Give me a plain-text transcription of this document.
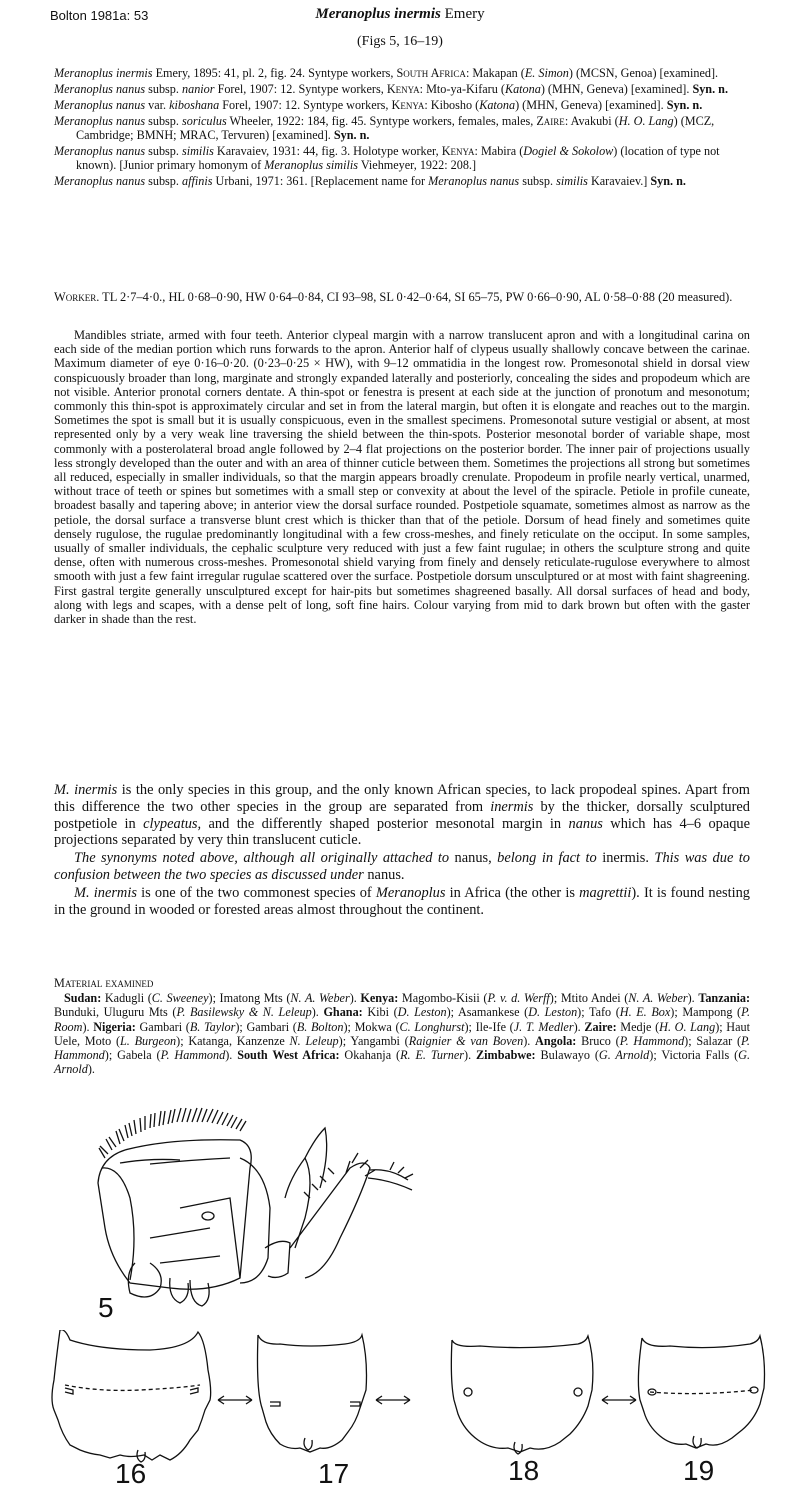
Bolton 1981a: 53	Meranoplus inermis Emery
(Figs 5, 16–19)

Meranoplus inermis Emery, 1895: 41, pl. 2, fig. 24. Syntype workers, South Africa: Makapan (E. Simon) (MCSN, Genoa) [examined].

Meranoplus nanus subsp. nanior Forel, 1907: 12. Syntype workers, Kenya: Mto-ya-Kifaru (Katona) (MHN, Geneva) [examined]. Syn. n.

Meranoplus nanus var. kiboshana Forel, 1907: 12. Syntype workers, Kenya: Kibosho (Katona) (MHN, Geneva) [examined]. Syn. n.

Meranoplus nanus subsp. soriculus Wheeler, 1922: 184, fig. 45. Syntype workers, females, males, Zaire: Avakubi (H. O. Lang) (MCZ, Cambridge; BMNH; MRAC, Tervuren) [examined]. Syn. n.

Meranoplus nanus subsp. similis Karavaiev, 1931: 44, fig. 3. Holotype worker, Kenya: Mabira (Dogiel & Sokolow) (location of type not known). [Junior primary homonym of Meranoplus similis Viehmeyer, 1922: 208.]

Meranoplus nanus subsp. affinis Urbani, 1971: 361. [Replacement name for Meranoplus nanus subsp. similis Karavaiev.] Syn. n.

Worker. TL 2·7–4·0., HL 0·68–0·90, HW 0·64–0·84, CI 93–98, SL 0·42–0·64, SI 65–75, PW 0·66–0·90, AL 0·58–0·88 (20 measured).

Mandibles striate, armed with four teeth. Anterior clypeal margin with a narrow translucent apron and with a longitudinal carina on each side of the median portion which runs forwards to the apron. Anterior half of clypeus usually shallowly concave between the carinae. Maximum diameter of eye 0·16–0·20. (0·23–0·25 × HW), with 9–12 ommatidia in the longest row. Promesonotal shield in dorsal view conspicuously broader than long, marginate and strongly expanded laterally and posteriorly, concealing the sides and propodeum which are not visible. Anterior pronotal corners dentate. A thin-spot or fenestra is present at each side at the junction of pronotum and mesonotum; commonly this thin-spot is approximately circular and set in from the lateral margin, but often it is elongate and reaches out to the margin. Sometimes the spot is small but it is usually conspicuous, even in the smallest specimens. Promesonotal suture vestigial or absent, at most represented only by a very weak line traversing the shield between the thin-spots. Posterior mesonotal border of variable shape, most commonly with a posterolateral broad angle followed by 2–4 flat projections on the posterior border. The inner pair of projections usually less strongly developed than the outer and with an area of thinner cuticle between them. Sometimes the projections all strong but sometimes all reduced, especially in smaller individuals, so that the margin appears broadly crenulate. Propodeum in profile nearly vertical, unarmed, without trace of teeth or spines but sometimes with a small step or convexity at about the level of the spiracle. Petiole in profile cuneate, broadest basally and tapering above; in anterior view the dorsal surface rounded. Postpetiole squamate, sometimes almost as narrow as the petiole, the dorsal surface a transverse blunt crest which is thicker than that of the petiole. Dorsum of head finely and sometimes quite densely rugulose, the rugulae predominantly longitudinal with a few cross-meshes, and finely reticulate on the occiput. In some samples, usually of smaller individuals, the cephalic sculpture very reduced with just a few faint rugulae; in others the sculpture strong and quite dense, often with numerous cross-meshes. Promesonotal shield varying from finely and densely reticulate-rugulose everywhere to almost smooth with just a few faint irregular rugulae scattered over the surface. Postpetiole dorsum unsculptured or at most with faint shagreening. First gastral tergite generally unsculptured except for hair-pits but sometimes shagreened basally. All dorsal surfaces of head and body, along with legs and scapes, with a dense pelt of long, soft fine hairs. Colour varying from mid to dark brown but often with the gaster darker in shade than the rest.

M. inermis is the only species in this group, and the only known African species, to lack propodeal spines. Apart from this difference the two other species in the group are separated from inermis by the thicker, dorsally sculptured postpetiole in clypeatus, and the differently shaped posterior mesonotal margin in nanus which has 4–6 opaque projections separated by very thin translucent cuticle.

The synonyms noted above, although all originally attached to nanus, belong in fact to inermis. This was due to confusion between the two species as discussed under nanus.

M. inermis is one of the two commonest species of Meranoplus in Africa (the other is magrettii). It is found nesting in the ground in wooded or forested areas almost throughout the continent.

Material examined
Sudan: Kadugli (C. Sweeney); Imatong Mts (N. A. Weber). Kenya: Magombo-Kisii (P. v. d. Werff); Mtito Andei (N. A. Weber). Tanzania: Bunduki, Uluguru Mts (P. Basilewsky & N. Leleup). Ghana: Kibi (D. Leston); Asamankese (D. Leston); Tafo (H. E. Box); Mampong (P. Room). Nigeria: Gambari (B. Taylor); Gambari (B. Bolton); Mokwa (C. Longhurst); Ile-Ife (J. T. Medler). Zaire: Medje (H. O. Lang); Haut Uele, Moto (L. Burgeon); Katanga, Kanzenze N. Leleup); Yangambi (Raignier & van Boven). Angola: Bruco (P. Hammond); Salazar (P. Hammond); Gabela (P. Hammond). South West Africa: Okahanja (R. E. Turner). Zimbabwe: Bulawayo (G. Arnold); Victoria Falls (G. Arnold).
5
16	17	18	19
